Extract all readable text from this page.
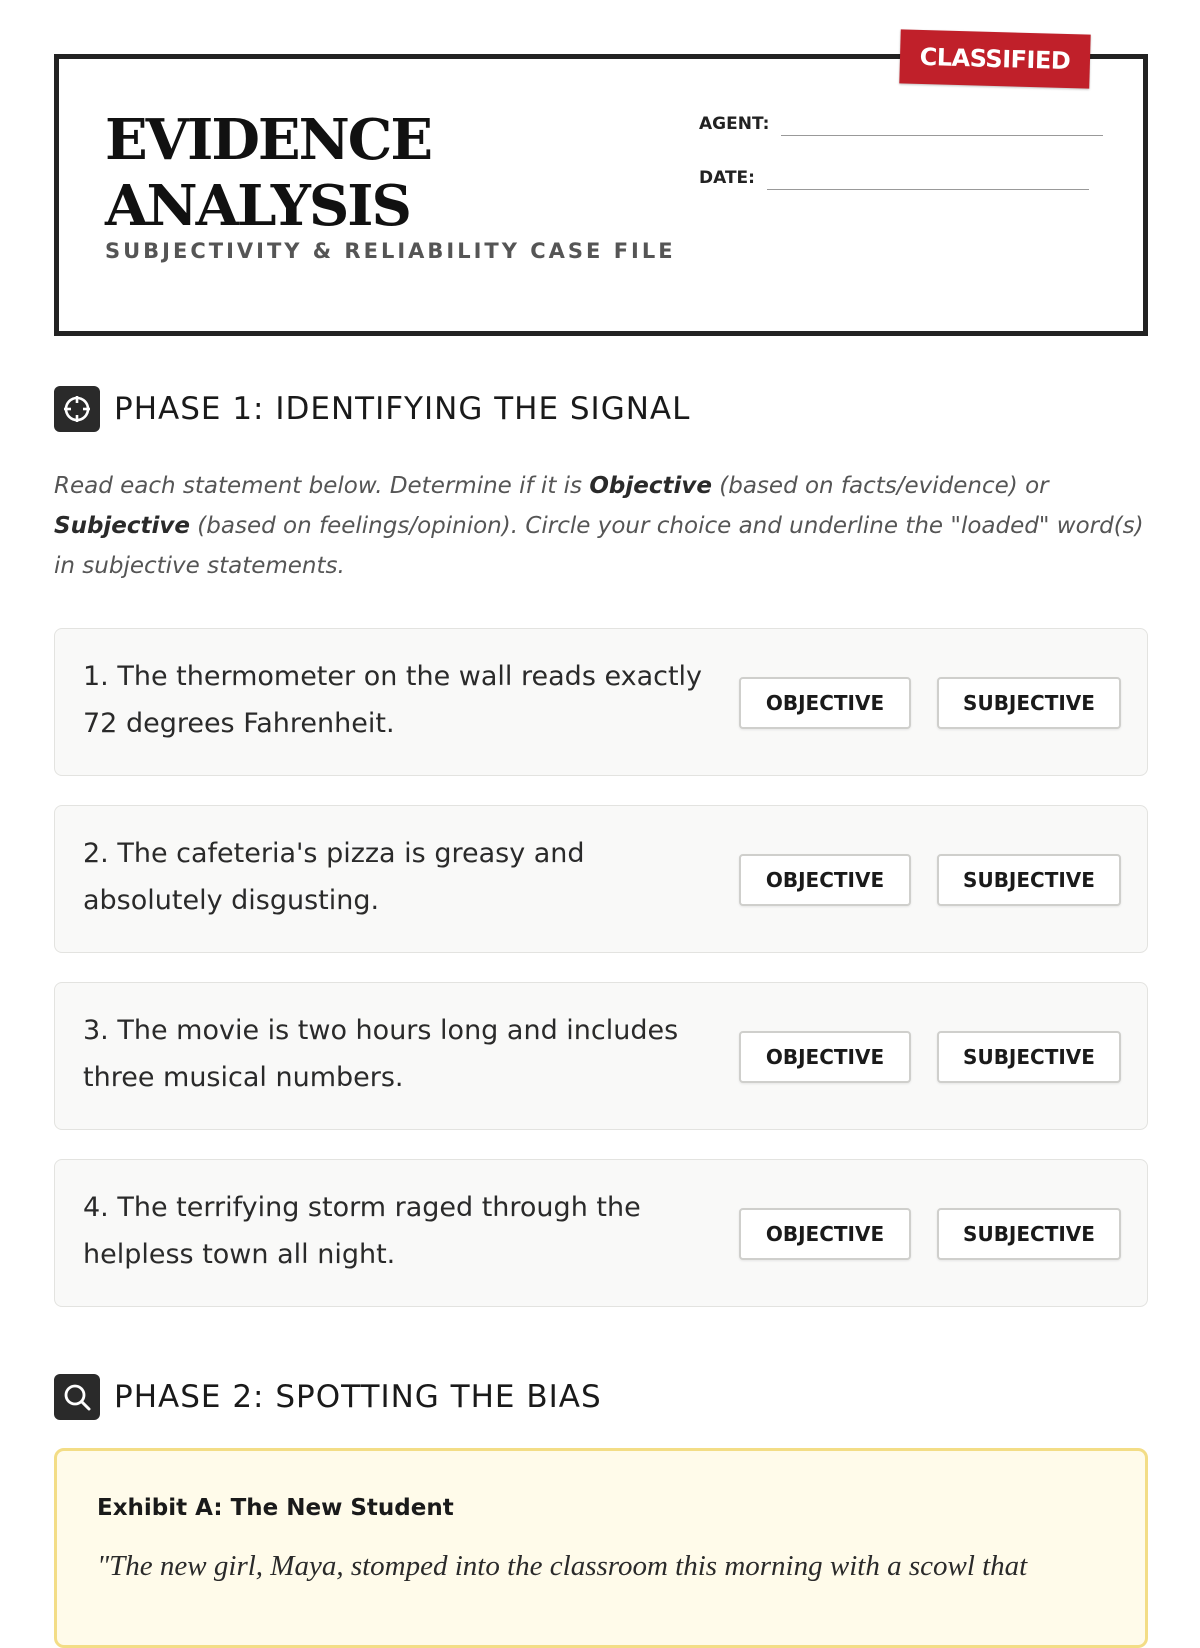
EVIDENCE
ANALYSIS
SUBJECTIVITY & RELIABILITY CASE FILE
AGENT:
DATE:
CLASSIFIED
PHASE 1: IDENTIFYING THE SIGNAL

Read each statement below. Determine if it is Objective (based on facts/evidence) or Subjective (based on feelings/opinion). Circle your choice and underline the "loaded" word(s) in subjective statements.

1. The thermometer on the wall reads exactly 72 degrees Fahrenheit.

OBJECTIVE	SUBJECTIVE

2. The cafeteria's pizza is greasy and absolutely disgusting.

OBJECTIVE	SUBJECTIVE

3. The movie is two hours long and includes three musical numbers.

OBJECTIVE	SUBJECTIVE

4. The terrifying storm raged through the helpless town all night.

OBJECTIVE	SUBJECTIVE
PHASE 2: SPOTTING THE BIAS
Exhibit A: The New Student

"The new girl, Maya, stomped into the classroom this morning with a scowl that
